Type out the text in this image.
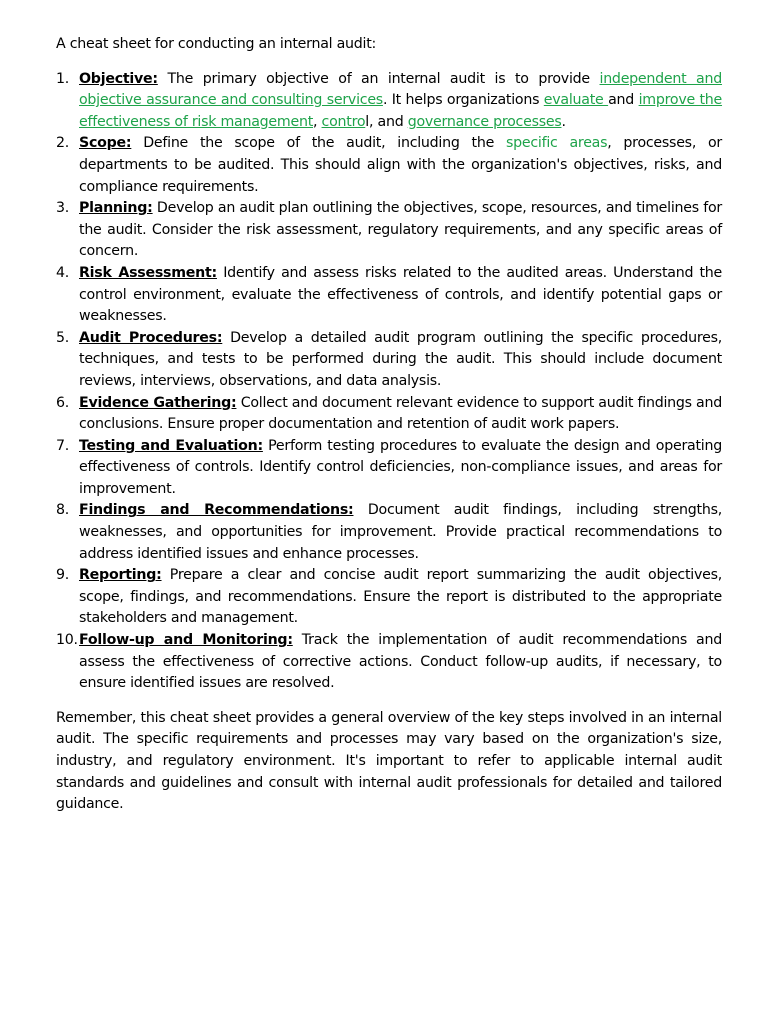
A cheat sheet for conducting an internal audit:

1. Objective: The primary objective of an internal audit is to provide independent and objective assurance and consulting services. It helps organizations evaluate and improve the effectiveness of risk management, control, and governance processes.
2. Scope: Define the scope of the audit, including the specific areas, processes, or departments to be audited. This should align with the organization's objectives, risks, and compliance requirements.
3. Planning: Develop an audit plan outlining the objectives, scope, resources, and timelines for the audit. Consider the risk assessment, regulatory requirements, and any specific areas of concern.
4. Risk Assessment: Identify and assess risks related to the audited areas. Understand the control environment, evaluate the effectiveness of controls, and identify potential gaps or weaknesses.
5. Audit Procedures: Develop a detailed audit program outlining the specific procedures, techniques, and tests to be performed during the audit. This should include document reviews, interviews, observations, and data analysis.
6. Evidence Gathering: Collect and document relevant evidence to support audit findings and conclusions. Ensure proper documentation and retention of audit work papers.
7. Testing and Evaluation: Perform testing procedures to evaluate the design and operating effectiveness of controls. Identify control deficiencies, non-compliance issues, and areas for improvement.
8. Findings and Recommendations: Document audit findings, including strengths, weaknesses, and opportunities for improvement. Provide practical recommendations to address identified issues and enhance processes.
9. Reporting: Prepare a clear and concise audit report summarizing the audit objectives, scope, findings, and recommendations. Ensure the report is distributed to the appropriate stakeholders and management.
10. Follow-up and Monitoring: Track the implementation of audit recommendations and assess the effectiveness of corrective actions. Conduct follow-up audits, if necessary, to ensure identified issues are resolved.

Remember, this cheat sheet provides a general overview of the key steps involved in an internal audit. The specific requirements and processes may vary based on the organization's size, industry, and regulatory environment. It's important to refer to applicable internal audit standards and guidelines and consult with internal audit professionals for detailed and tailored guidance.
